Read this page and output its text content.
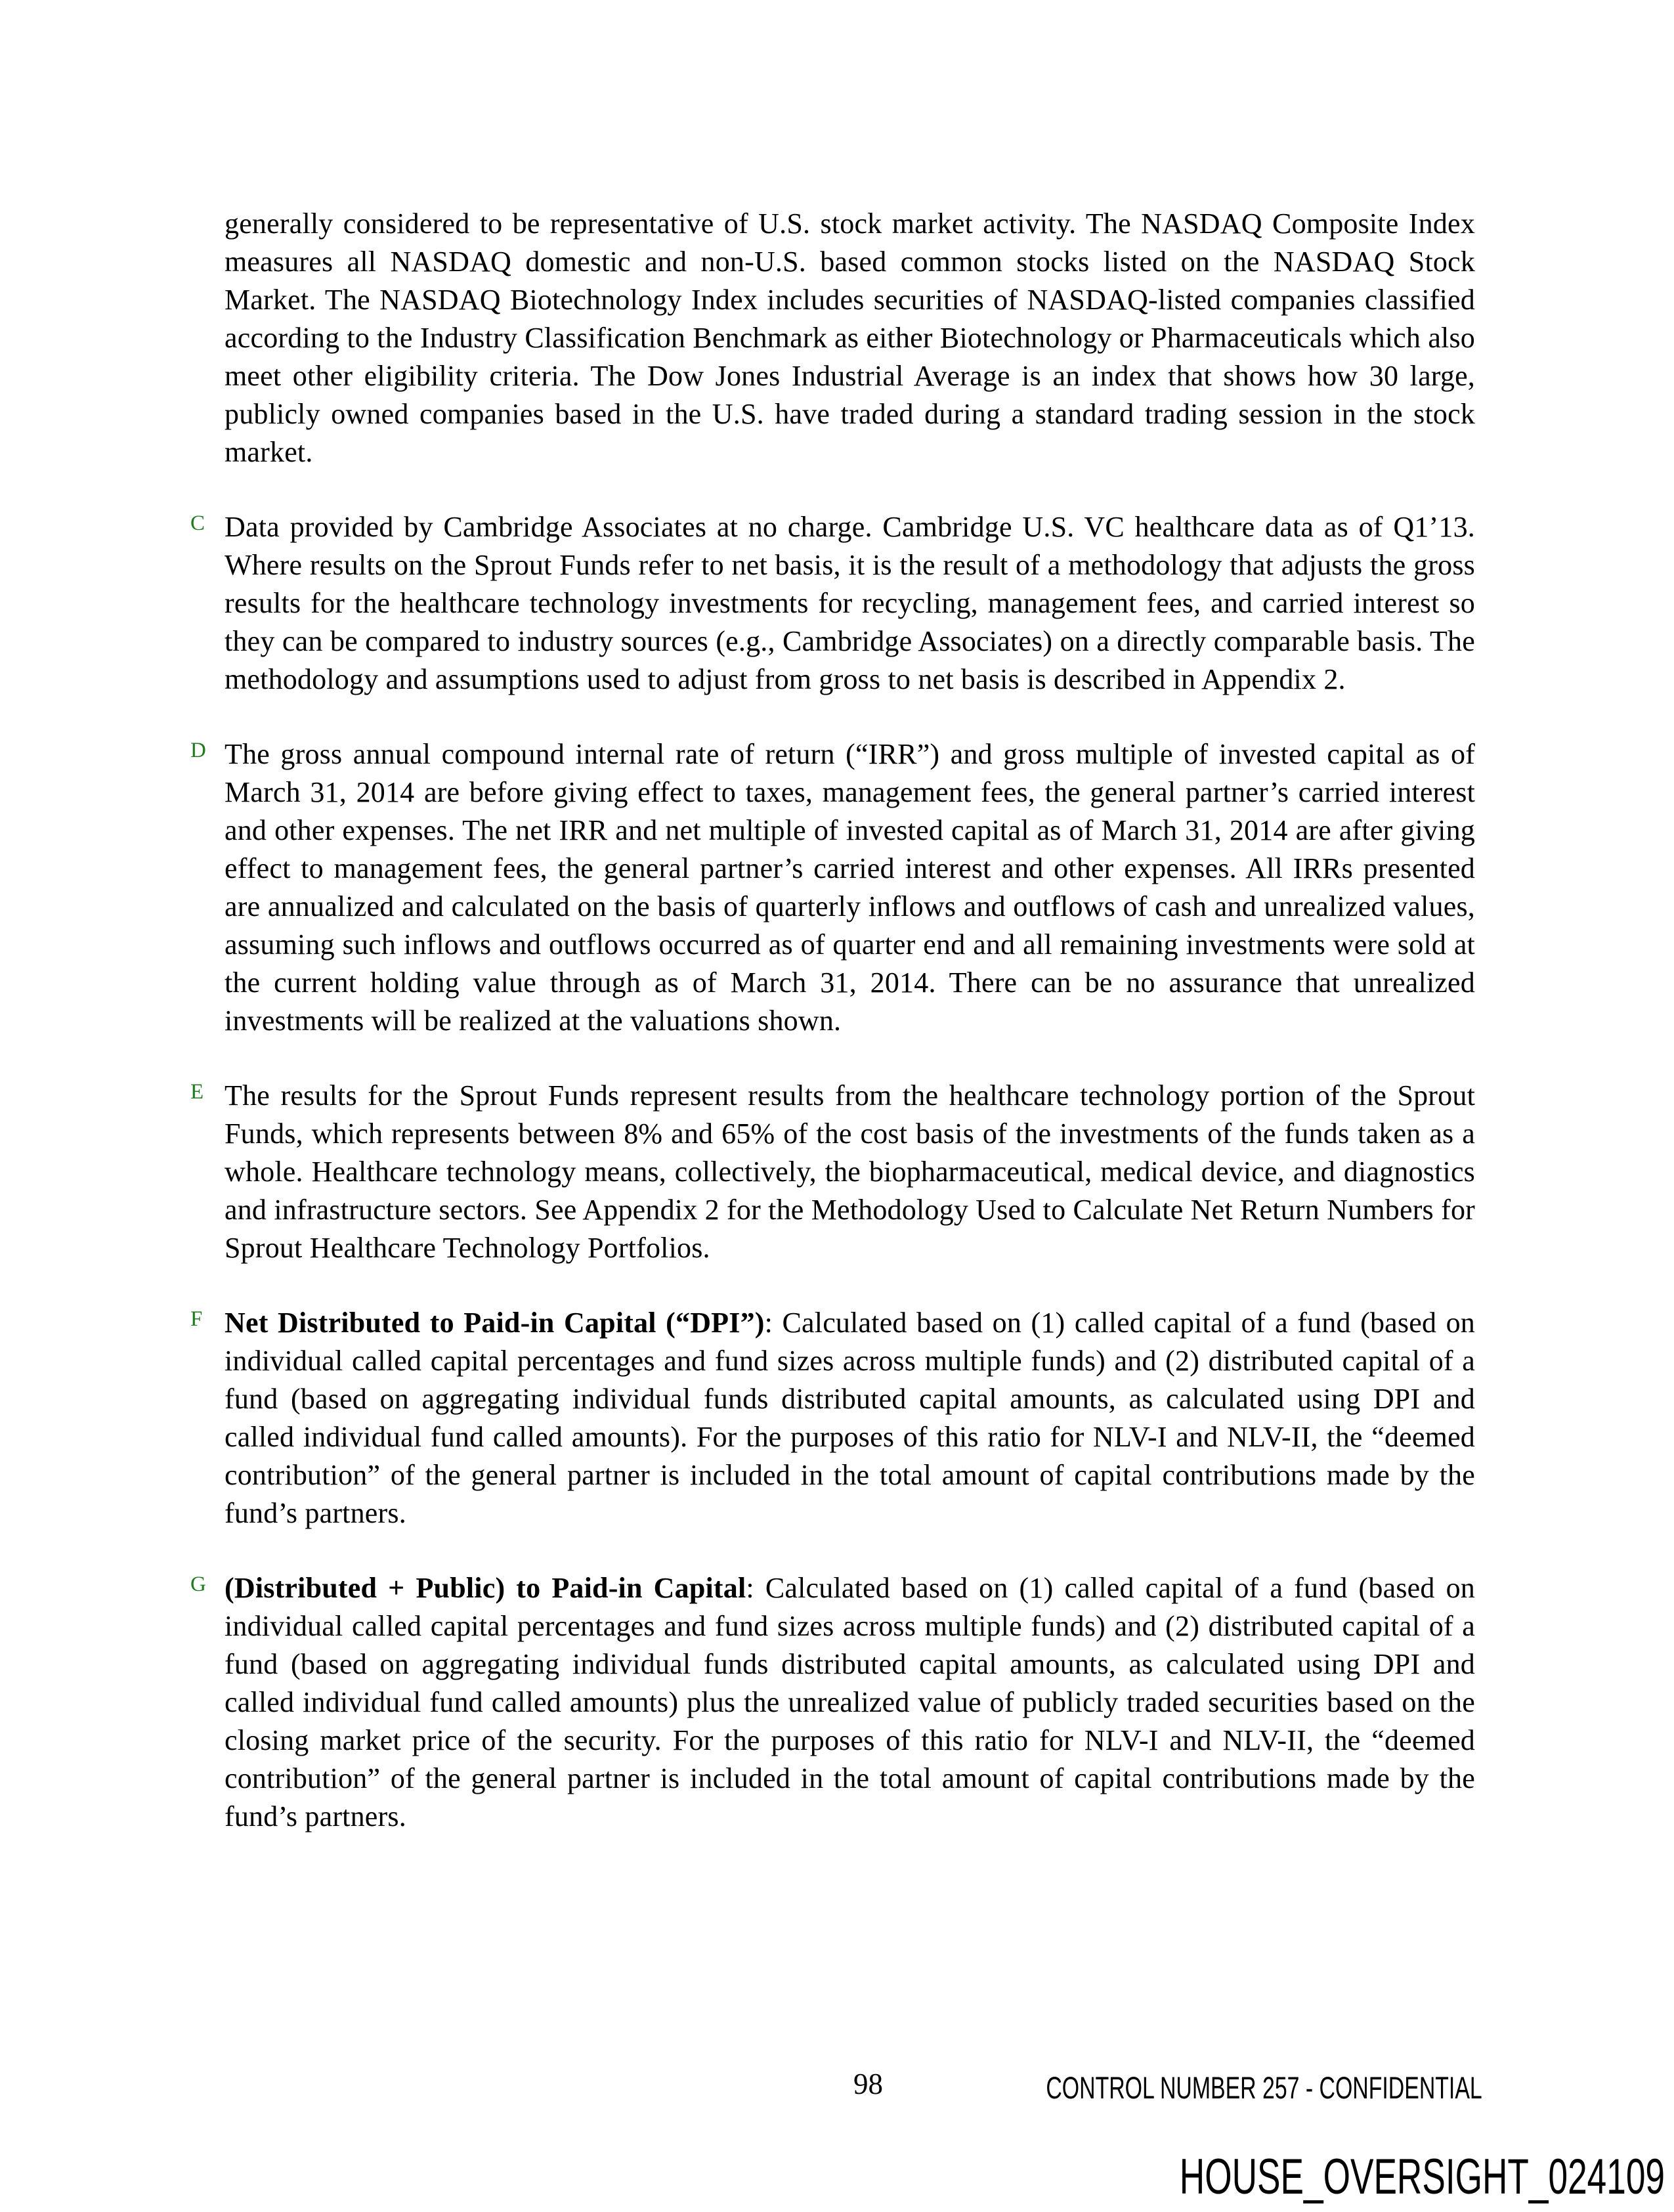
generally considered to be representative of U.S. stock market activity. The NASDAQ Composite Index measures all NASDAQ domestic and non-U.S. based common stocks listed on the NASDAQ Stock Market. The NASDAQ Biotechnology Index includes securities of NASDAQ-listed companies classified according to the Industry Classification Benchmark as either Biotechnology or Pharmaceuticals which also meet other eligibility criteria. The Dow Jones Industrial Average is an index that shows how 30 large, publicly owned companies based in the U.S. have traded during a standard trading session in the stock market.

C Data provided by Cambridge Associates at no charge. Cambridge U.S. VC healthcare data as of Q1’13. Where results on the Sprout Funds refer to net basis, it is the result of a methodology that adjusts the gross results for the healthcare technology investments for recycling, management fees, and carried interest so they can be compared to industry sources (e.g., Cambridge Associates) on a directly comparable basis. The methodology and assumptions used to adjust from gross to net basis is described in Appendix 2.

D The gross annual compound internal rate of return (“IRR”) and gross multiple of invested capital as of March 31, 2014 are before giving effect to taxes, management fees, the general partner’s carried interest and other expenses. The net IRR and net multiple of invested capital as of March 31, 2014 are after giving effect to management fees, the general partner’s carried interest and other expenses. All IRRs presented are annualized and calculated on the basis of quarterly inflows and outflows of cash and unrealized values, assuming such inflows and outflows occurred as of quarter end and all remaining investments were sold at the current holding value through as of March 31, 2014. There can be no assurance that unrealized investments will be realized at the valuations shown.

E The results for the Sprout Funds represent results from the healthcare technology portion of the Sprout Funds, which represents between 8% and 65% of the cost basis of the investments of the funds taken as a whole. Healthcare technology means, collectively, the biopharmaceutical, medical device, and diagnostics and infrastructure sectors. See Appendix 2 for the Methodology Used to Calculate Net Return Numbers for Sprout Healthcare Technology Portfolios.

F Net Distributed to Paid-in Capital (“DPI”): Calculated based on (1) called capital of a fund (based on individual called capital percentages and fund sizes across multiple funds) and (2) distributed capital of a fund (based on aggregating individual funds distributed capital amounts, as calculated using DPI and called individual fund called amounts). For the purposes of this ratio for NLV-I and NLV-II, the “deemed contribution” of the general partner is included in the total amount of capital contributions made by the fund’s partners.

G (Distributed + Public) to Paid-in Capital: Calculated based on (1) called capital of a fund (based on individual called capital percentages and fund sizes across multiple funds) and (2) distributed capital of a fund (based on aggregating individual funds distributed capital amounts, as calculated using DPI and called individual fund called amounts) plus the unrealized value of publicly traded securities based on the closing market price of the security. For the purposes of this ratio for NLV-I and NLV-II, the “deemed contribution” of the general partner is included in the total amount of capital contributions made by the fund’s partners.

98	CONTROL NUMBER 257 - CONFIDENTIAL
HOUSE_OVERSIGHT_024109
